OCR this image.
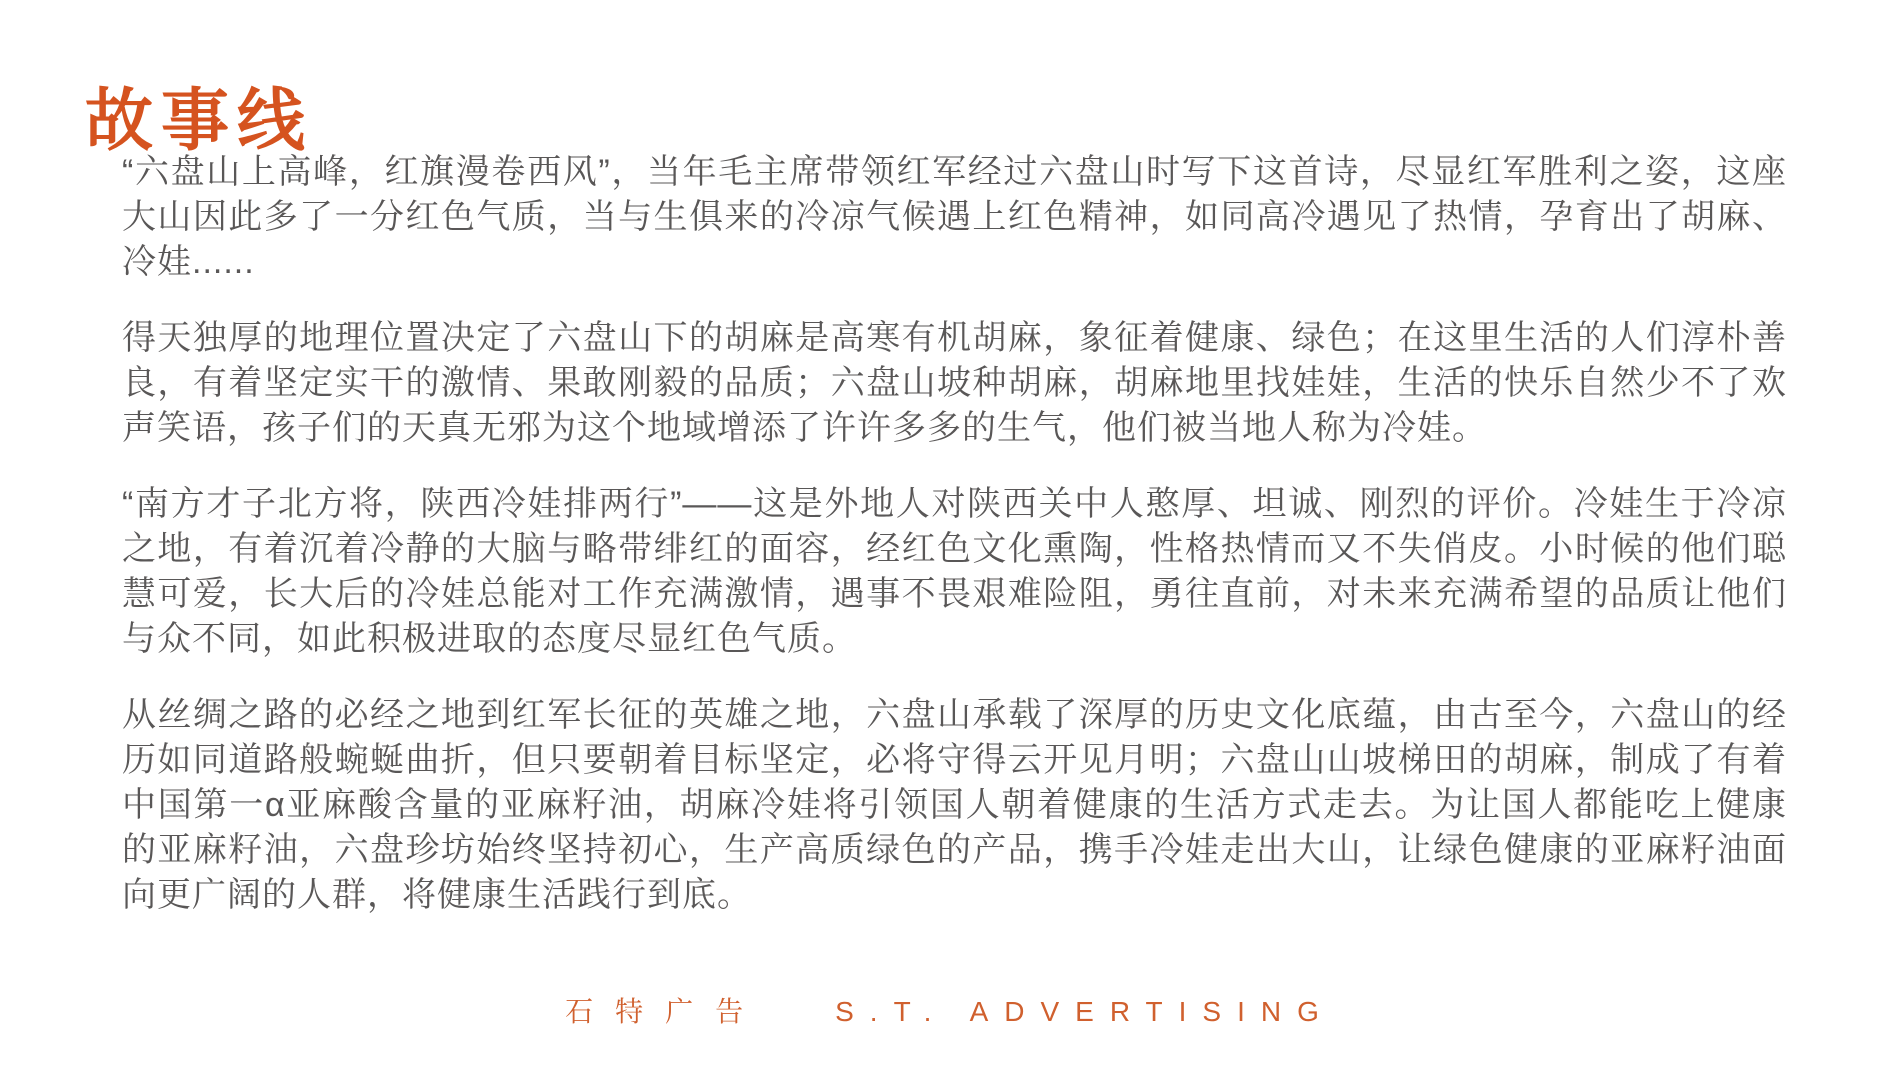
故事线

“六盘山上高峰，红旗漫卷西风”，当年毛主席带领红军经过六盘山时写下这首诗，尽显红军胜利之姿，这座大山因此多了一分红色气质，当与生俱来的冷凉气候遇上红色精神，如同高冷遇见了热情，孕育出了胡麻、冷娃......

得天独厚的地理位置决定了六盘山下的胡麻是高寒有机胡麻，象征着健康、绿色；在这里生活的人们淳朴善良，有着坚定实干的激情、果敢刚毅的品质；六盘山坡种胡麻，胡麻地里找娃娃，生活的快乐自然少不了欢声笑语，孩子们的天真无邪为这个地域增添了许许多多的生气，他们被当地人称为冷娃。

“南方才子北方将，陕西冷娃排两行”——这是外地人对陕西关中人憨厚、坦诚、刚烈的评价。冷娃生于冷凉之地，有着沉着冷静的大脑与略带绯红的面容，经红色文化熏陶，性格热情而又不失俏皮。小时候的他们聪慧可爱，长大后的冷娃总能对工作充满激情，遇事不畏艰难险阻，勇往直前，对未来充满希望的品质让他们与众不同，如此积极进取的态度尽显红色气质。

从丝绸之路的必经之地到红军长征的英雄之地，六盘山承载了深厚的历史文化底蕴，由古至今，六盘山的经历如同道路般蜿蜒曲折，但只要朝着目标坚定，必将守得云开见月明；六盘山山坡梯田的胡麻，制成了有着中国第一α亚麻酸含量的亚麻籽油，胡麻冷娃将引领国人朝着健康的生活方式走去。为让国人都能吃上健康的亚麻籽油，六盘珍坊始终坚持初心，生产高质绿色的产品，携手冷娃走出大山，让绿色健康的亚麻籽油面向更广阔的人群，将健康生活践行到底。

石特广告	S.T. ADVERTISING
